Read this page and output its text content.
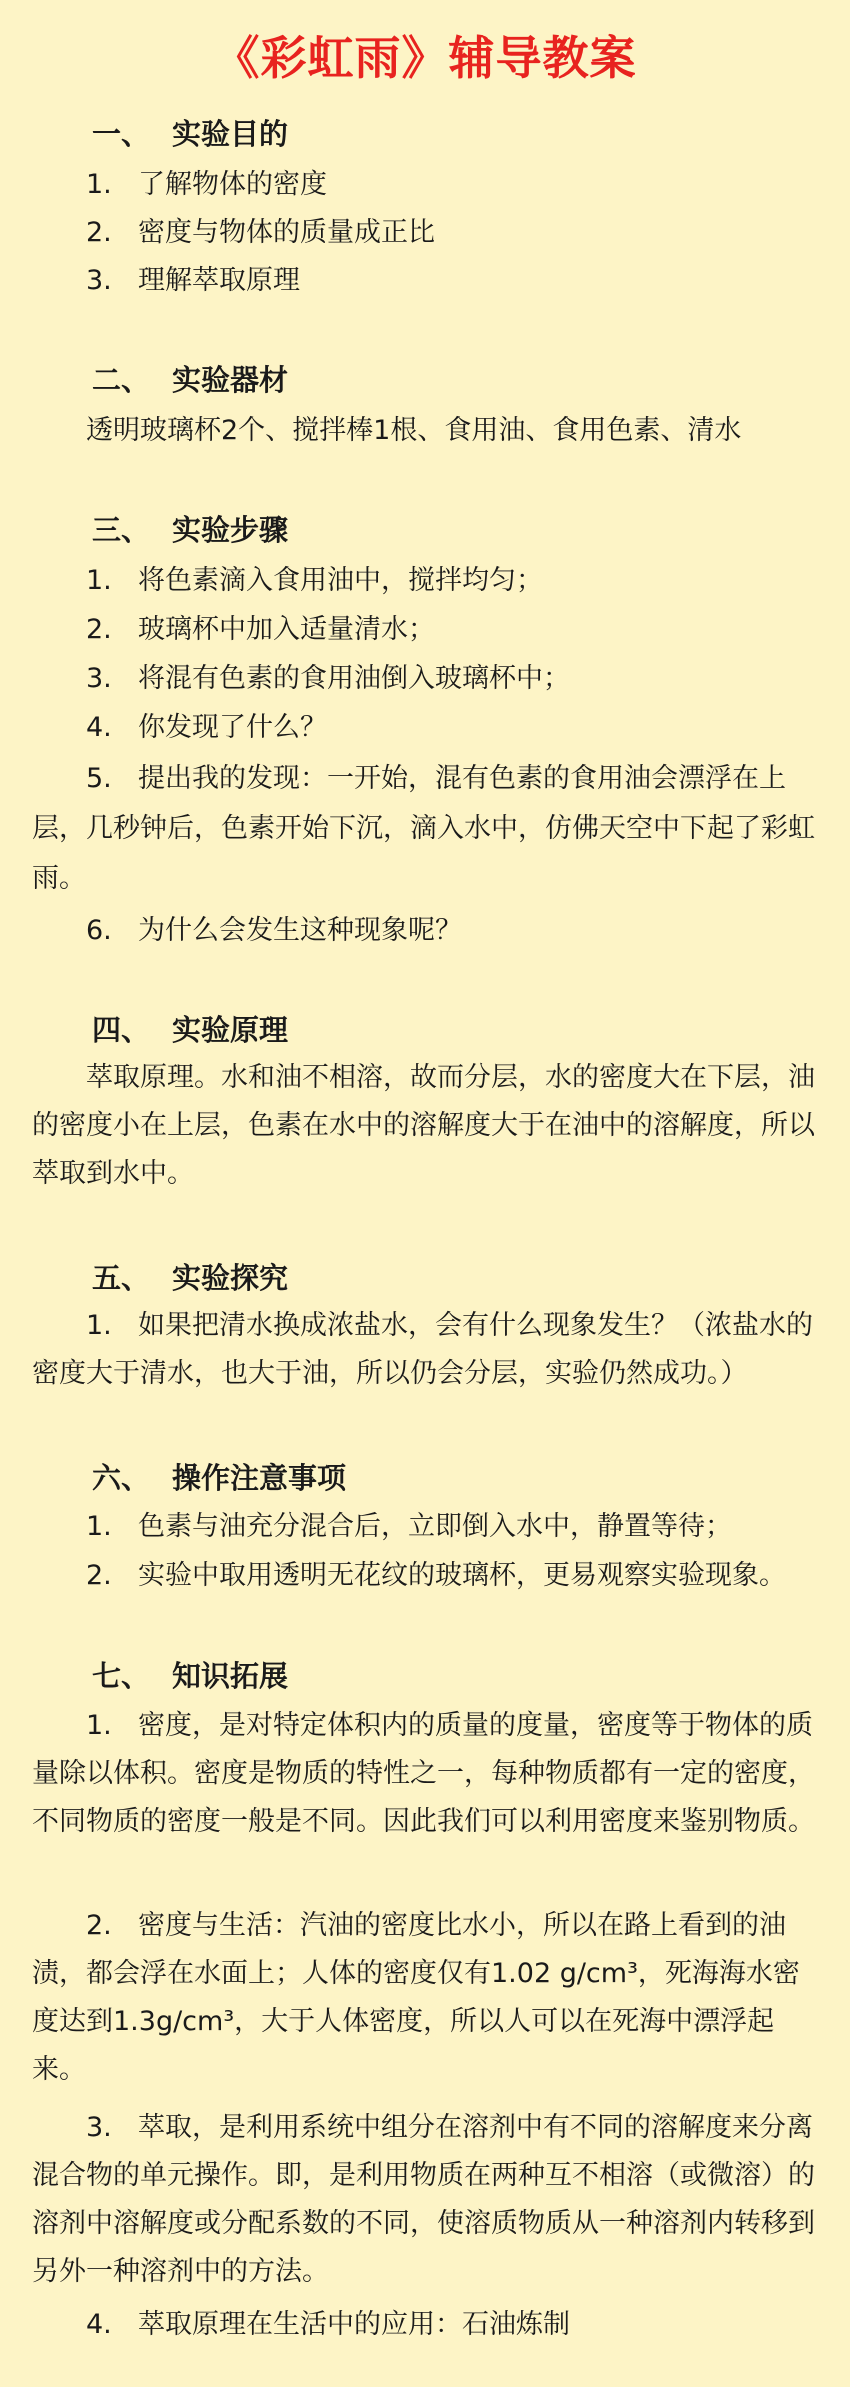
《彩虹雨》辅导教案
一、 实验目的
1. 了解物体的密度
2. 密度与物体的质量成正比
3. 理解萃取原理
二、 实验器材
透明玻璃杯2个、搅拌棒1根、食用油、食用色素、清水
三、 实验步骤
1. 将色素滴入食用油中，搅拌均匀；
2. 玻璃杯中加入适量清水；
3. 将混有色素的食用油倒入玻璃杯中；
4. 你发现了什么？
5. 提出我的发现：一开始，混有色素的食用油会漂浮在上层，几秒钟后，色素开始下沉，滴入水中，仿佛天空中下起了彩虹雨。
6. 为什么会发生这种现象呢？
四、 实验原理
萃取原理。水和油不相溶，故而分层，水的密度大在下层，油的密度小在上层，色素在水中的溶解度大于在油中的溶解度，所以萃取到水中。
五、 实验探究
1. 如果把清水换成浓盐水，会有什么现象发生？（浓盐水的密度大于清水，也大于油，所以仍会分层，实验仍然成功。）
六、 操作注意事项
1. 色素与油充分混合后，立即倒入水中，静置等待；
2. 实验中取用透明无花纹的玻璃杯，更易观察实验现象。
七、 知识拓展
1. 密度，是对特定体积内的质量的度量，密度等于物体的质量除以体积。密度是物质的特性之一，每种物质都有一定的密度，不同物质的密度一般是不同。因此我们可以利用密度来鉴别物质。
2. 密度与生活：汽油的密度比水小，所以在路上看到的油渍，都会浮在水面上；人体的密度仅有1.02 g/cm³，死海海水密度达到1.3g/cm³，大于人体密度，所以人可以在死海中漂浮起来。
3. 萃取，是利用系统中组分在溶剂中有不同的溶解度来分离混合物的单元操作。即，是利用物质在两种互不相溶（或微溶）的溶剂中溶解度或分配系数的不同，使溶质物质从一种溶剂内转移到另外一种溶剂中的方法。
4. 萃取原理在生活中的应用：石油炼制
